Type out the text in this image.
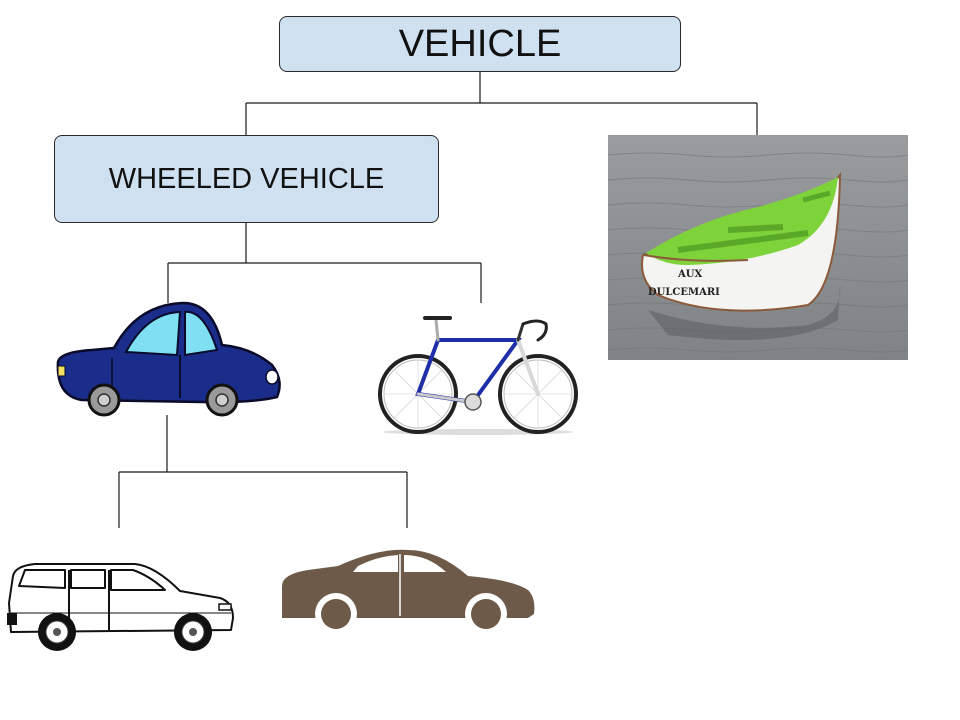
VEHICLE
WHEELED VEHICLE
AUX
DULCEMARI
